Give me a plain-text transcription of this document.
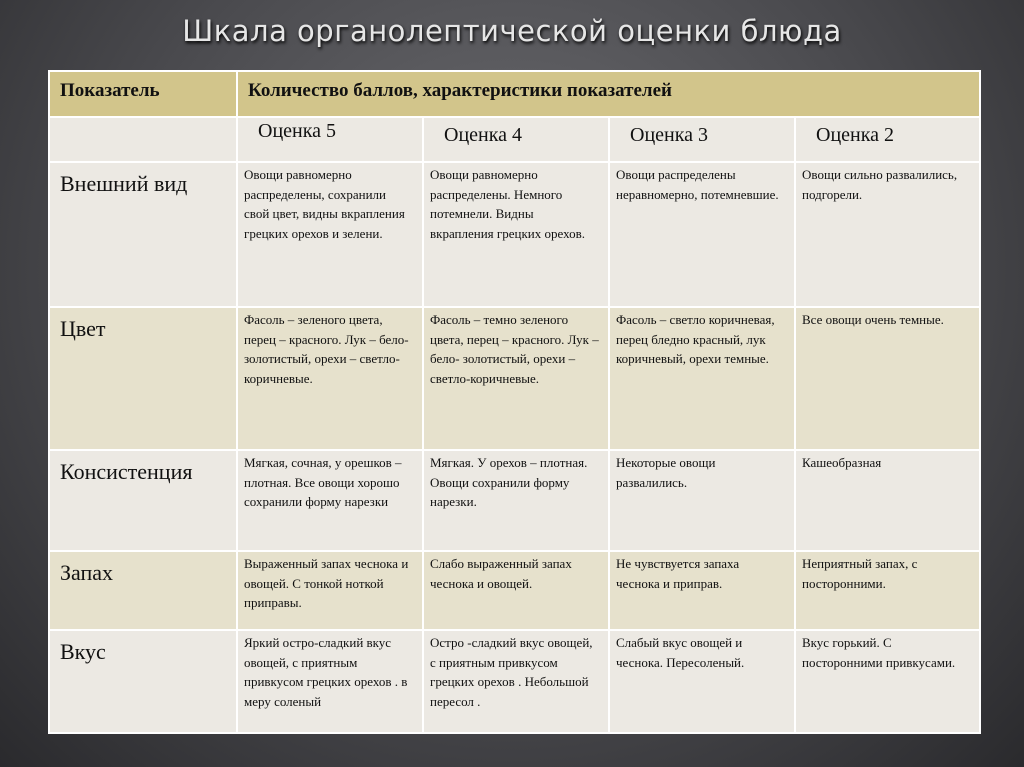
Шкала органолептической оценки блюда
Показатель	Количество баллов, характеристики показателей			
	Оценка 5	Оценка 4	Оценка 3	Оценка 2
Внешний вид	Овощи равномерно распределены, сохранили свой цвет, видны вкрапления грецких орехов и зелени.	Овощи равномерно распределены. Немного потемнели. Видны вкрапления грецких орехов.	Овощи распределены неравномерно, потемневшие.	Овощи сильно развалились, подгорели.
Цвет	Фасоль – зеленого цвета, перец – красного. Лук – бело- золотистый, орехи – светло-коричневые.	Фасоль – темно зеленого цвета, перец – красного. Лук – бело- золотистый, орехи – светло-коричневые.	Фасоль – светло коричневая, перец бледно красный, лук коричневый, орехи темные.	Все овощи очень темные.
Консистенция	Мягкая, сочная, у орешков –плотная. Все овощи хорошо сохранили форму нарезки	Мягкая. У орехов – плотная. Овощи сохранили форму нарезки.	Некоторые овощи развалились.	Кашеобразная
Запах	Выраженный запах чеснока и овощей. С тонкой ноткой приправы.	Слабо выраженный запах чеснока и овощей.	Не чувствуется запаха чеснока и приправ.	Неприятный запах, с посторонними.
Вкус	Яркий остро-сладкий вкус овощей, с приятным привкусом грецких орехов . в меру соленый	Остро -сладкий вкус овощей, с приятным привкусом грецких орехов . Небольшой пересол .	Слабый вкус овощей и чеснока. Пересоленый.	Вкус горький. С посторонними привкусами.
